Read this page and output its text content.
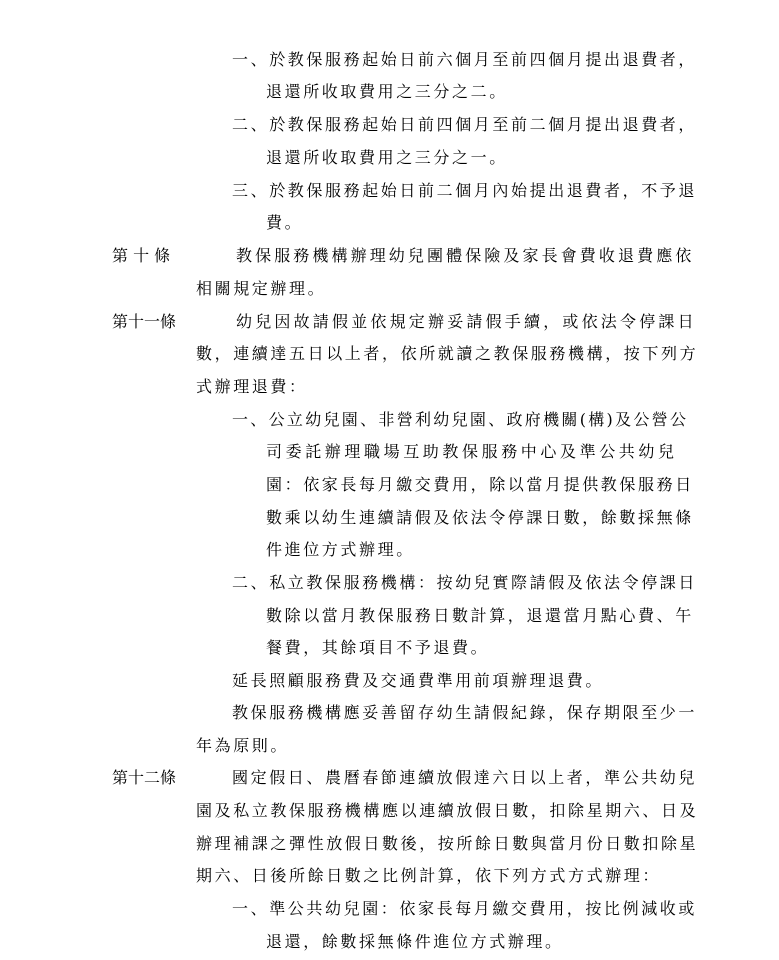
第 十 條
第十一條
第十二條
一、於教保服務起始日前六個月至前四個月提出退費者，
退還所收取費用之三分之二。
二、於教保服務起始日前四個月至前二個月提出退費者，
退還所收取費用之三分之一。
三、於教保服務起始日前二個月內始提出退費者，不予退
費。
教保服務機構辦理幼兒團體保險及家長會費收退費應依
相關規定辦理。
幼兒因故請假並依規定辦妥請假手續，或依法令停課日
數，連續達五日以上者，依所就讀之教保服務機構，按下列方
式辦理退費：
一、公立幼兒園、非營利幼兒園、政府機關(構)及公營公
司委託辦理職場互助教保服務中心及準公共幼兒
園：依家長每月繳交費用，除以當月提供教保服務日
數乘以幼生連續請假及依法令停課日數，餘數採無條
件進位方式辦理。
二、私立教保服務機構：按幼兒實際請假及依法令停課日
數除以當月教保服務日數計算，退還當月點心費、午
餐費，其餘項目不予退費。
延長照顧服務費及交通費準用前項辦理退費。
教保服務機構應妥善留存幼生請假紀錄，保存期限至少一
年為原則。
國定假日、農曆春節連續放假達六日以上者，準公共幼兒
園及私立教保服務機構應以連續放假日數，扣除星期六、日及
辦理補課之彈性放假日數後，按所餘日數與當月份日數扣除星
期六、日後所餘日數之比例計算，依下列方式方式辦理：
一、準公共幼兒園：依家長每月繳交費用，按比例減收或
退還，餘數採無條件進位方式辦理。
